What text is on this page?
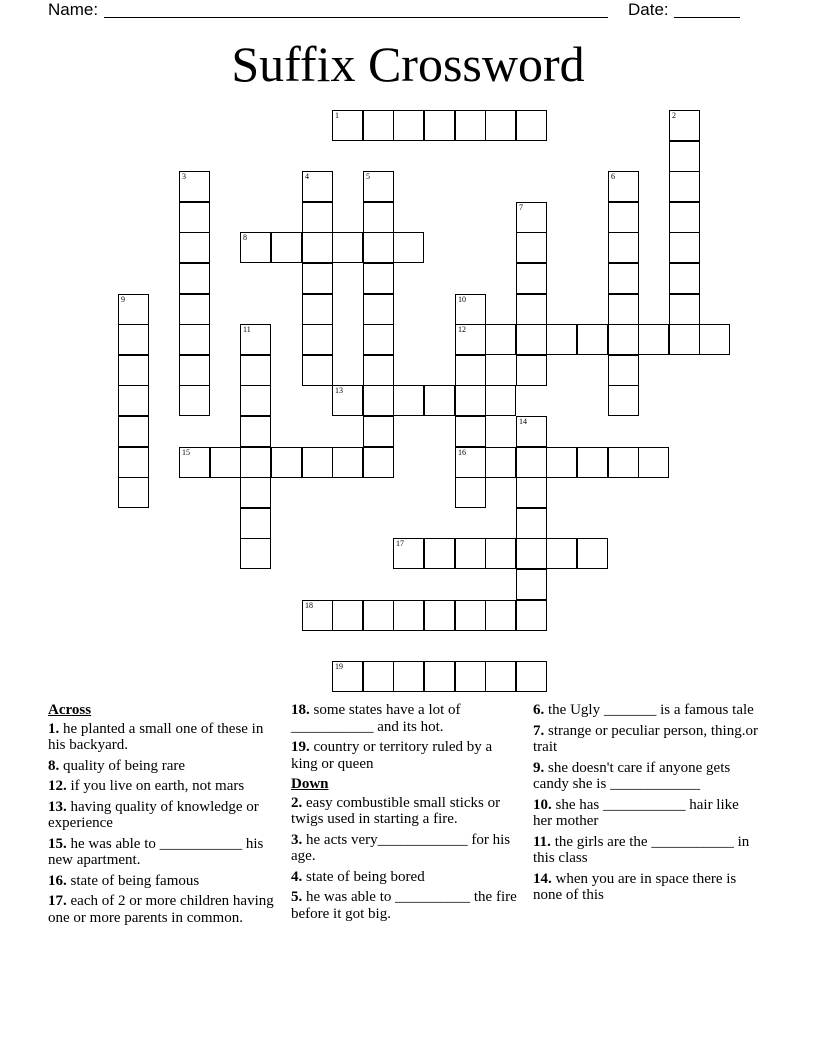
Name:	Date:
Suffix Crossword
1	2
3	4	5	6
7
8
9	10
12
16
11
13
14
15
17
18
19
Across
1. he planted a small one of these in his backyard.
8. quality of being rare
12. if you live on earth, not mars
13. having quality of knowledge or experience
15. he was able to ___________ his new apartment.
16. state of being famous
17. each of 2 or more children having one or more parents in common.
18. some states have a lot of ___________ and its hot.
19. country or territory ruled by a king or queen
Down
2. easy combustible small sticks or twigs used in starting a fire.
3. he acts very____________ for his age.
4. state of being bored
5. he was able to __________ the fire before it got big.
6. the Ugly _______ is a famous tale
7. strange or peculiar person, thing.or trait
9. she doesn't care if anyone gets candy she is ____________
10. she has ___________ hair like her mother
11. the girls are the ___________ in this class
14. when you are in space there is none of this
